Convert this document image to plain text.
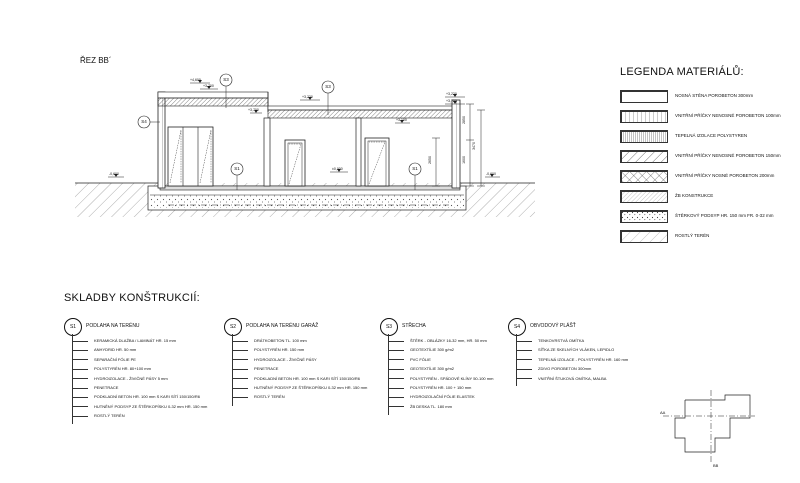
ŘEZ BB´
S3
S4
S3
S1	S1
+4,600
+3,700
+3,700
+3,220
+3,100
±0,000
-0,600	-0,600
+3,220
+3,700
2850
3470
1600
2650
LEGENDA MATERIÁLŮ:
NOSNÁ STĚNA POROBETON 300mm
VNITŘNÍ PŘÍČKY NENOSNÉ POROBETON 100mm
TEPELNÁ IZOLACE POLYSTYREN
VNITŘNÍ PŘÍČKY NENOSNÉ POROBETON 150mm
VNITŘNÍ PŘÍČKY NOSNÉ POROBETON 200mm
ŽB KONSTRUKCE
ŠTĚRKOVÝ PODSYP HR. 150 mm FR. 0-32 mm
ROSTLÝ TERÉN
SKLADBY KONŠTRUKCIÍ:
S1	PODLAHA NA TERÉNU
KERAMICKÁ DLAŽBA / LAMINÁT HR. 15 mm
ANHYDRID HR. 50 mm
SEPARAČNÍ FÓLIE PE
POLYSTYRÉN HR. 80+100 mm
HYDROIZOLACE - ŽIVIČNÉ PÁSY 5 mm
PENETRACE
PODKLADNÍ BETON HR. 100 mm S KARI SÍTÍ 150/150/R6
HUTNĚNÝ PODSYP ZE ŠTĚRKOPÍSKU 0-32 mm HR. 150 mm
ROSTLÝ TERÉN
S2	PODLAHA NA TERÉNU GARÁŽ
DRÁTKOBETON TL. 100 mm
POLYSTYRÉN HR. 150 mm
HYDROIZOLACE - ŽIVIČNÉ PÁSY
PENETRACE
PODKLADNÍ BETON HR. 100 mm S KARI SÍTÍ 150/150/R6
HUTNĚNÝ PODSYP ZE ŠTĚRKOPÍSKU 0-32 mm HR. 150 mm
ROSTLÝ TERÉN
S3	STŘECHA
ŠTĚRK - OBLÁZKY 16-32 mm, HR. 50 mm
GEOTEXTÍLIE 300 g/m2
PVC FÓLIE
GEOTEXTÍLIE 300 g/m2
POLYSTYRÉN - SPÁDOVÉ KLÍNY 50-100 mm
POLYSTYRÉN HR. 100 + 150 mm
HYDROIZOLAČNÍ FÓLIE ELASTEK
ŽB DESKA TL. 180 mm
S4	OBVODOVÝ PLÁŠŤ
TENKOVRSTVÁ OMÍTKA
SÍŤKA ZE SKELNÝCH VLÁKEN, LEPIDLO
TEPELNÁ IZOLACE - POLYSTYRÉN HR. 160 mm
ZDIVO POROBETON 300mm
VNITŘNÍ ŠTUKOVÁ OMÍTKA, MALBA
AA
BB
